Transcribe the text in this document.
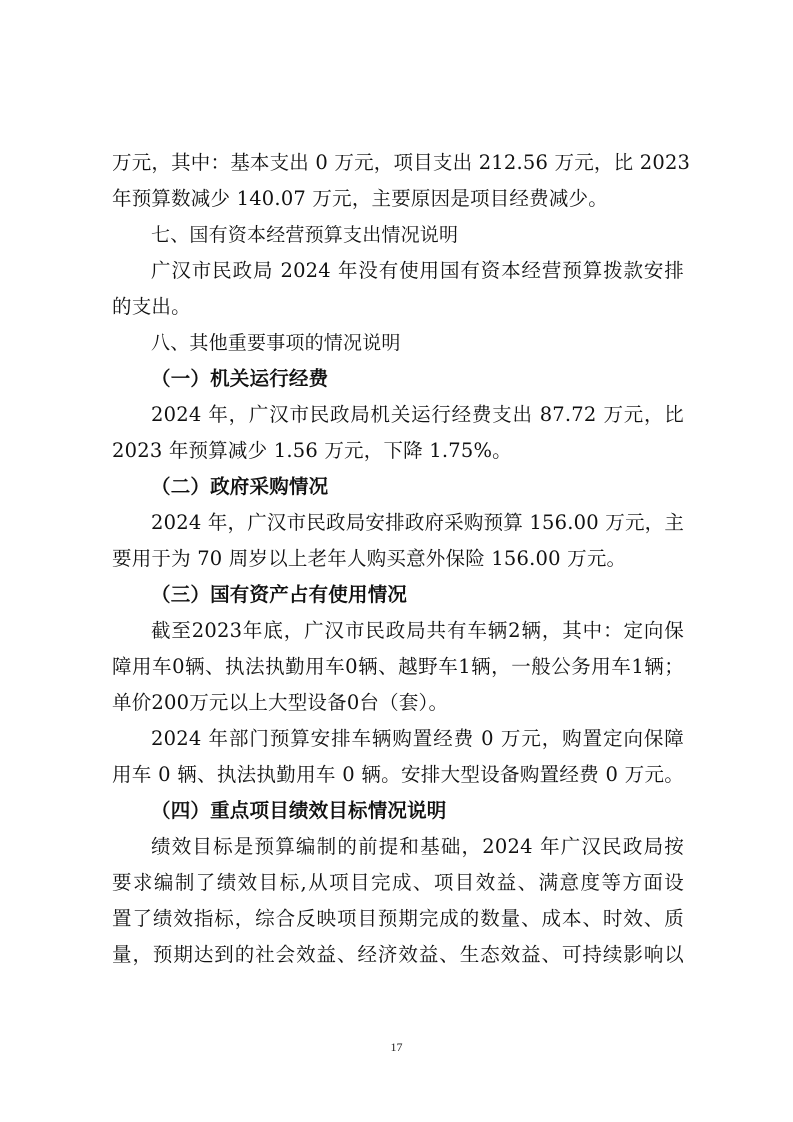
万元，其中：基本支出 0 万元，项目支出 212.56 万元，比 2023
年预算数减少 140.07 万元，主要原因是项目经费减少。
七、国有资本经营预算支出情况说明
广汉市民政局 2024 年没有使用国有资本经营预算拨款安排
的支出。
八、其他重要事项的情况说明
（一）机关运行经费
2024 年，广汉市民政局机关运行经费支出 87.72 万元，比
2023 年预算减少 1.56 万元，下降 1.75%。
（二）政府采购情况
2024 年，广汉市民政局安排政府采购预算 156.00 万元，主
要用于为 70 周岁以上老年人购买意外保险 156.00 万元。
（三）国有资产占有使用情况
截至2023年底，广汉市民政局共有车辆2辆，其中：定向保
障用车0辆、执法执勤用车0辆、越野车1辆，一般公务用车1辆；
单价200万元以上大型设备0台（套）。
2024 年部门预算安排车辆购置经费 0 万元，购置定向保障
用车 0 辆、执法执勤用车 0 辆。安排大型设备购置经费 0 万元。
（四）重点项目绩效目标情况说明
绩效目标是预算编制的前提和基础，2024 年广汉民政局按
要求编制了绩效目标,从项目完成、项目效益、满意度等方面设
置了绩效指标，综合反映项目预期完成的数量、成本、时效、质
量，预期达到的社会效益、经济效益、生态效益、可持续影响以
17
